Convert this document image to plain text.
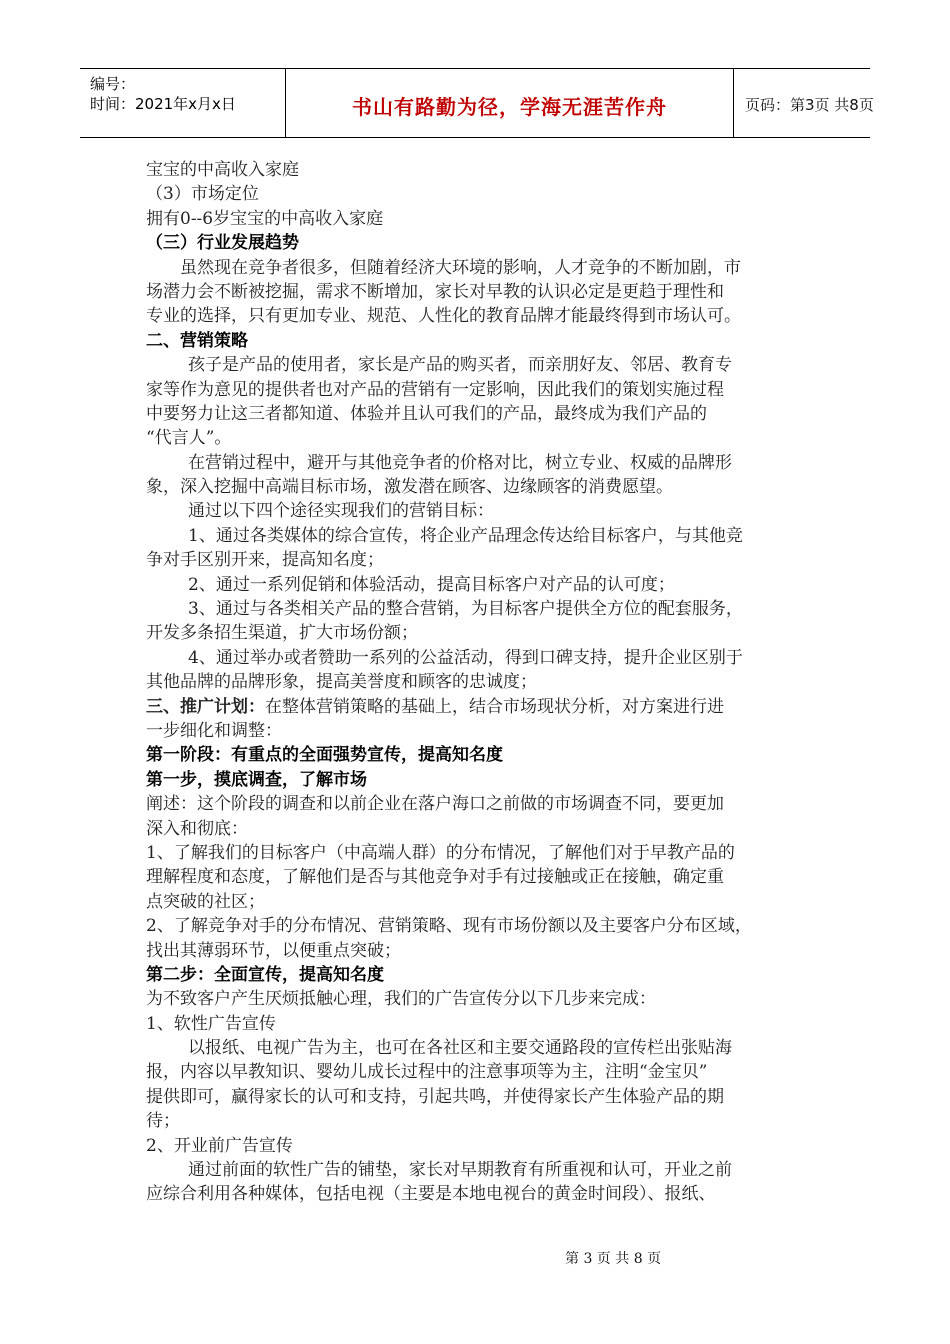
编号：
时间：2021年x月x日	书山有路勤为径，学海无涯苦作舟	页码：第3页 共8页
宝宝的中高收入家庭
（3）市场定位
拥有0--6岁宝宝的中高收入家庭
（三）行业发展趋势
虽然现在竞争者很多，但随着经济大环境的影响，人才竞争的不断加剧，市
场潜力会不断被挖掘，需求不断增加，家长对早教的认识必定是更趋于理性和
专业的选择，只有更加专业、规范、人性化的教育品牌才能最终得到市场认可。
二、营销策略
孩子是产品的使用者，家长是产品的购买者，而亲朋好友、邻居、教育专
家等作为意见的提供者也对产品的营销有一定影响，因此我们的策划实施过程
中要努力让这三者都知道、体验并且认可我们的产品，最终成为我们产品的
“代言人”。
在营销过程中，避开与其他竞争者的价格对比，树立专业、权威的品牌形
象，深入挖掘中高端目标市场，激发潜在顾客、边缘顾客的消费愿望。
通过以下四个途径实现我们的营销目标：
1、通过各类媒体的综合宣传，将企业产品理念传达给目标客户，与其他竞
争对手区别开来，提高知名度；
2、通过一系列促销和体验活动，提高目标客户对产品的认可度；
3、通过与各类相关产品的整合营销，为目标客户提供全方位的配套服务，
开发多条招生渠道，扩大市场份额；
4、通过举办或者赞助一系列的公益活动，得到口碑支持，提升企业区别于
其他品牌的品牌形象，提高美誉度和顾客的忠诚度；
三、推广计划：在整体营销策略的基础上，结合市场现状分析，对方案进行进
一步细化和调整：
第一阶段：有重点的全面强势宣传，提高知名度
第一步，摸底调查，了解市场
阐述：这个阶段的调查和以前企业在落户海口之前做的市场调查不同，要更加
深入和彻底：
1、了解我们的目标客户（中高端人群）的分布情况，了解他们对于早教产品的
理解程度和态度，了解他们是否与其他竞争对手有过接触或正在接触，确定重
点突破的社区；
2、了解竞争对手的分布情况、营销策略、现有市场份额以及主要客户分布区域，
找出其薄弱环节，以便重点突破；
第二步：全面宣传，提高知名度
为不致客户产生厌烦抵触心理，我们的广告宣传分以下几步来完成：
1、软性广告宣传
以报纸、电视广告为主，也可在各社区和主要交通路段的宣传栏出张贴海
报，内容以早教知识、婴幼儿成长过程中的注意事项等为主，注明“金宝贝”
提供即可，赢得家长的认可和支持，引起共鸣，并使得家长产生体验产品的期
待；
2、开业前广告宣传
通过前面的软性广告的铺垫，家长对早期教育有所重视和认可，开业之前
应综合利用各种媒体，包括电视（主要是本地电视台的黄金时间段）、报纸、
第 3 页 共 8 页
